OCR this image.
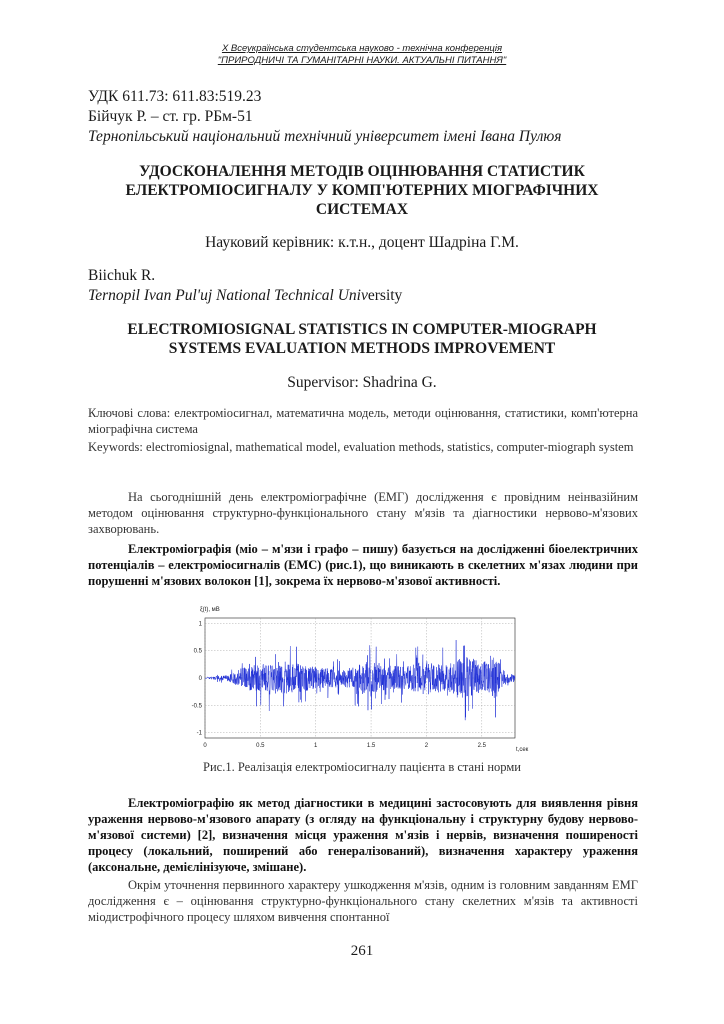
X Всеукраїнська студентська науково - технічна конференція
"ПРИРОДНИЧІ ТА ГУМАНІТАРНІ НАУКИ. АКТУАЛЬНІ ПИТАННЯ"
УДК 611.73: 611.83:519.23
Бійчук Р. – ст. гр. РБм-51
Тернопільський національний технічний університет імені Івана Пулюя
УДОСКОНАЛЕННЯ МЕТОДІВ ОЦІНЮВАННЯ СТАТИСТИК
ЕЛЕКТРОМІОСИГНАЛУ У КОМП'ЮТЕРНИХ МІОГРАФІЧНИХ
СИСТЕМАХ
Науковий керівник: к.т.н., доцент Шадріна Г.М.
Biichuk R.
Ternopil Ivan Pul'uj National Technical University
ELECTROMIOSIGNAL STATISTICS IN COMPUTER-MIOGRAPH
SYSTEMS EVALUATION METHODS IMPROVEMENT
Supervisor: Shadrina G.
Ключові слова: електроміосигнал, математична модель, методи оцінювання, статистики, комп'ютерна міографічна система
Keywords: electromiosignal, mathematical model, evaluation methods, statistics, computer-miograph system
На сьогоднішній день електроміографічне (ЕМГ) дослідження є провідним неінвазійним методом оцінювання структурно-функціонального стану м'язів та діагностики нервово-м'язових захворювань.
Електроміографія (міо – м'язи і графо – пишу) базується на дослідженні біоелектричних потенціалів – електроміосигналів (ЕМС) (рис.1), що виникають в скелетних м'язах людини при порушенні м'язових волокон [1], зокрема їх нервово-м'язової активності.
0	0.5	1	1.5	2	2.5
1
0.5
0
-0.5
-1
ξ(t), мВ
t,сек
Рис.1. Реалізація електроміосигналу пацієнта в стані норми
Електроміографію як метод діагностики в медицині застосовують для виявлення рівня ураження нервово-м'язового апарату (з огляду на функціональну і структурну будову нервово-м'язової системи) [2], визначення місця ураження м'язів і нервів, визначення поширеності процесу (локальний, поширений або генералізований), визначення характеру ураження (аксональне, демієлінізуюче, змішане).
Окрім уточнення первинного характеру ушкодження м'язів, одним із головним завданням ЕМГ дослідження є – оцінювання структурно-функціонального стану скелетних м'язів та активності міодистрофічного процесу шляхом вивчення спонтанної
261
